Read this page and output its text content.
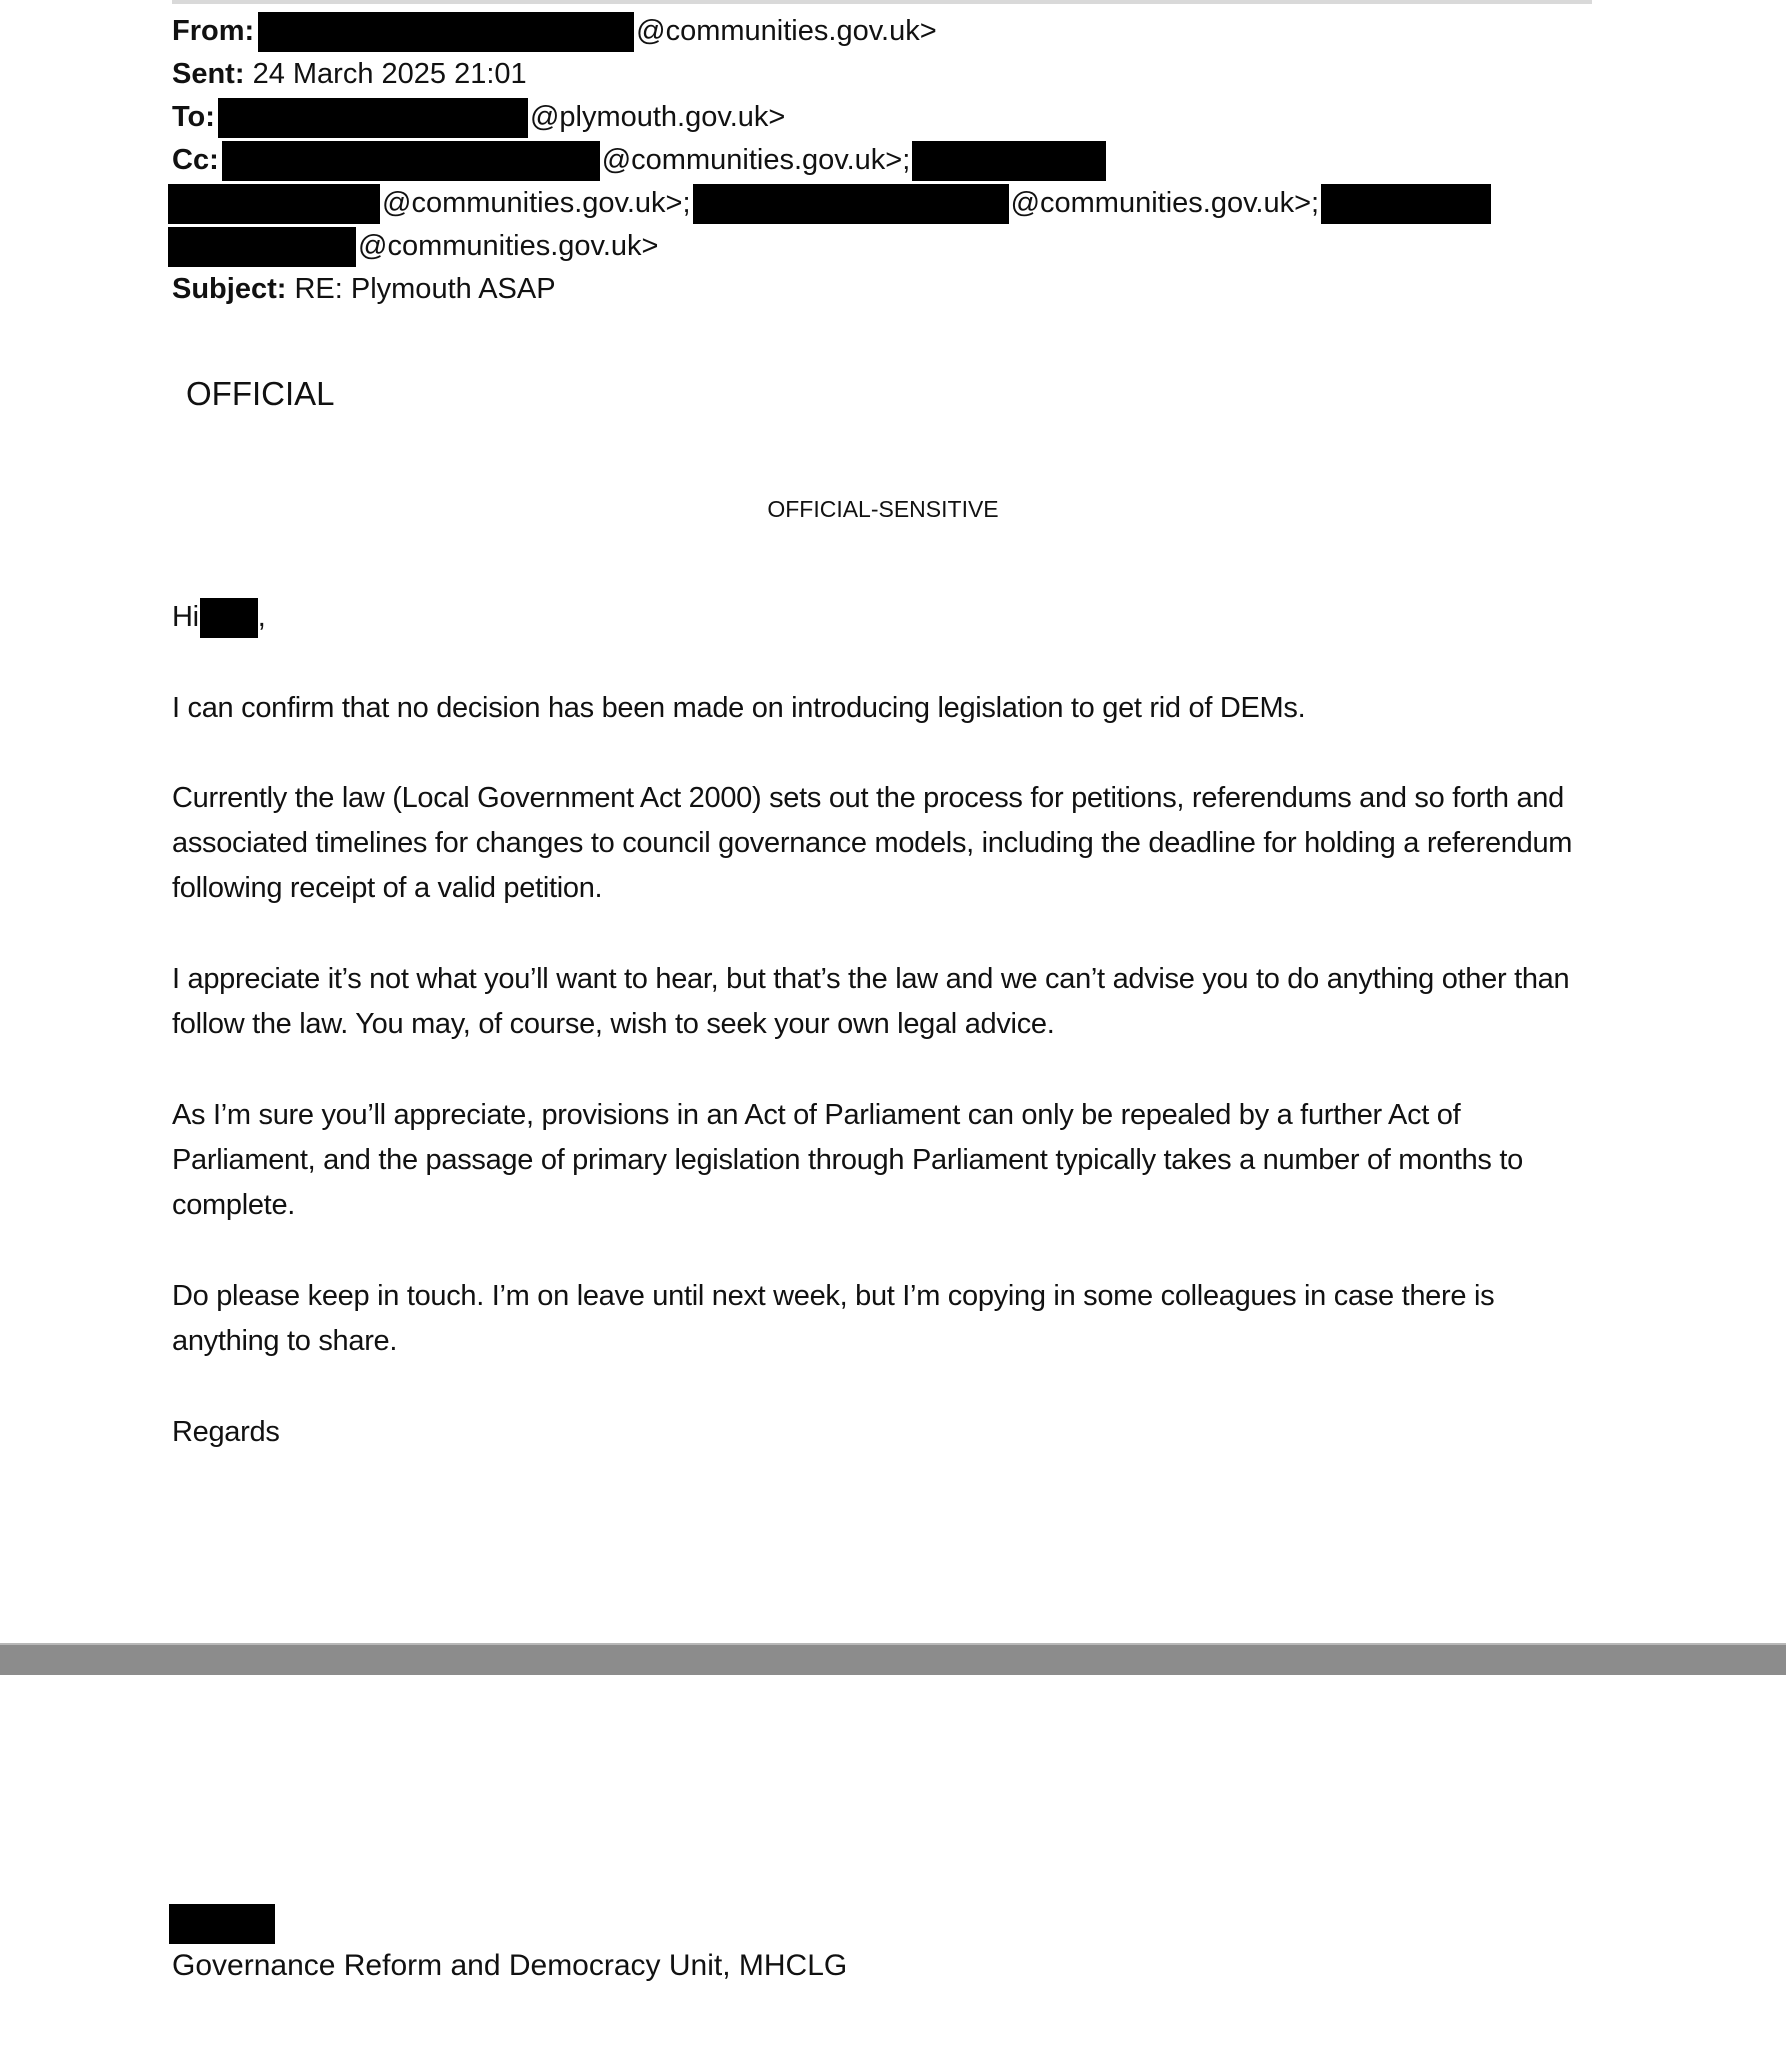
From:	@communities.gov.uk>
Sent: 24 March 2025 21:01
To:	@plymouth.gov.uk>
Cc:	@communities.gov.uk>;
@communities.gov.uk>;	@communities.gov.uk>;
@communities.gov.uk>
Subject: RE: Plymouth ASAP
OFFICIAL
OFFICIAL-SENSITIVE
Hi ,
I can confirm that no decision has been made on introducing legislation to get rid of DEMs.
Currently the law (Local Government Act 2000) sets out the process for petitions, referendums and so forth and associated timelines for changes to council governance models, including the deadline for holding a referendum following receipt of a valid petition.
I appreciate it’s not what you’ll want to hear, but that’s the law and we can’t advise you to do anything other than follow the law. You may, of course, wish to seek your own legal advice.
As I’m sure you’ll appreciate, provisions in an Act of Parliament can only be repealed by a further Act of Parliament, and the passage of primary legislation through Parliament typically takes a number of months to complete.
Do please keep in touch. I’m on leave until next week, but I’m copying in some colleagues in case there is anything to share.
Regards
Governance Reform and Democracy Unit, MHCLG
